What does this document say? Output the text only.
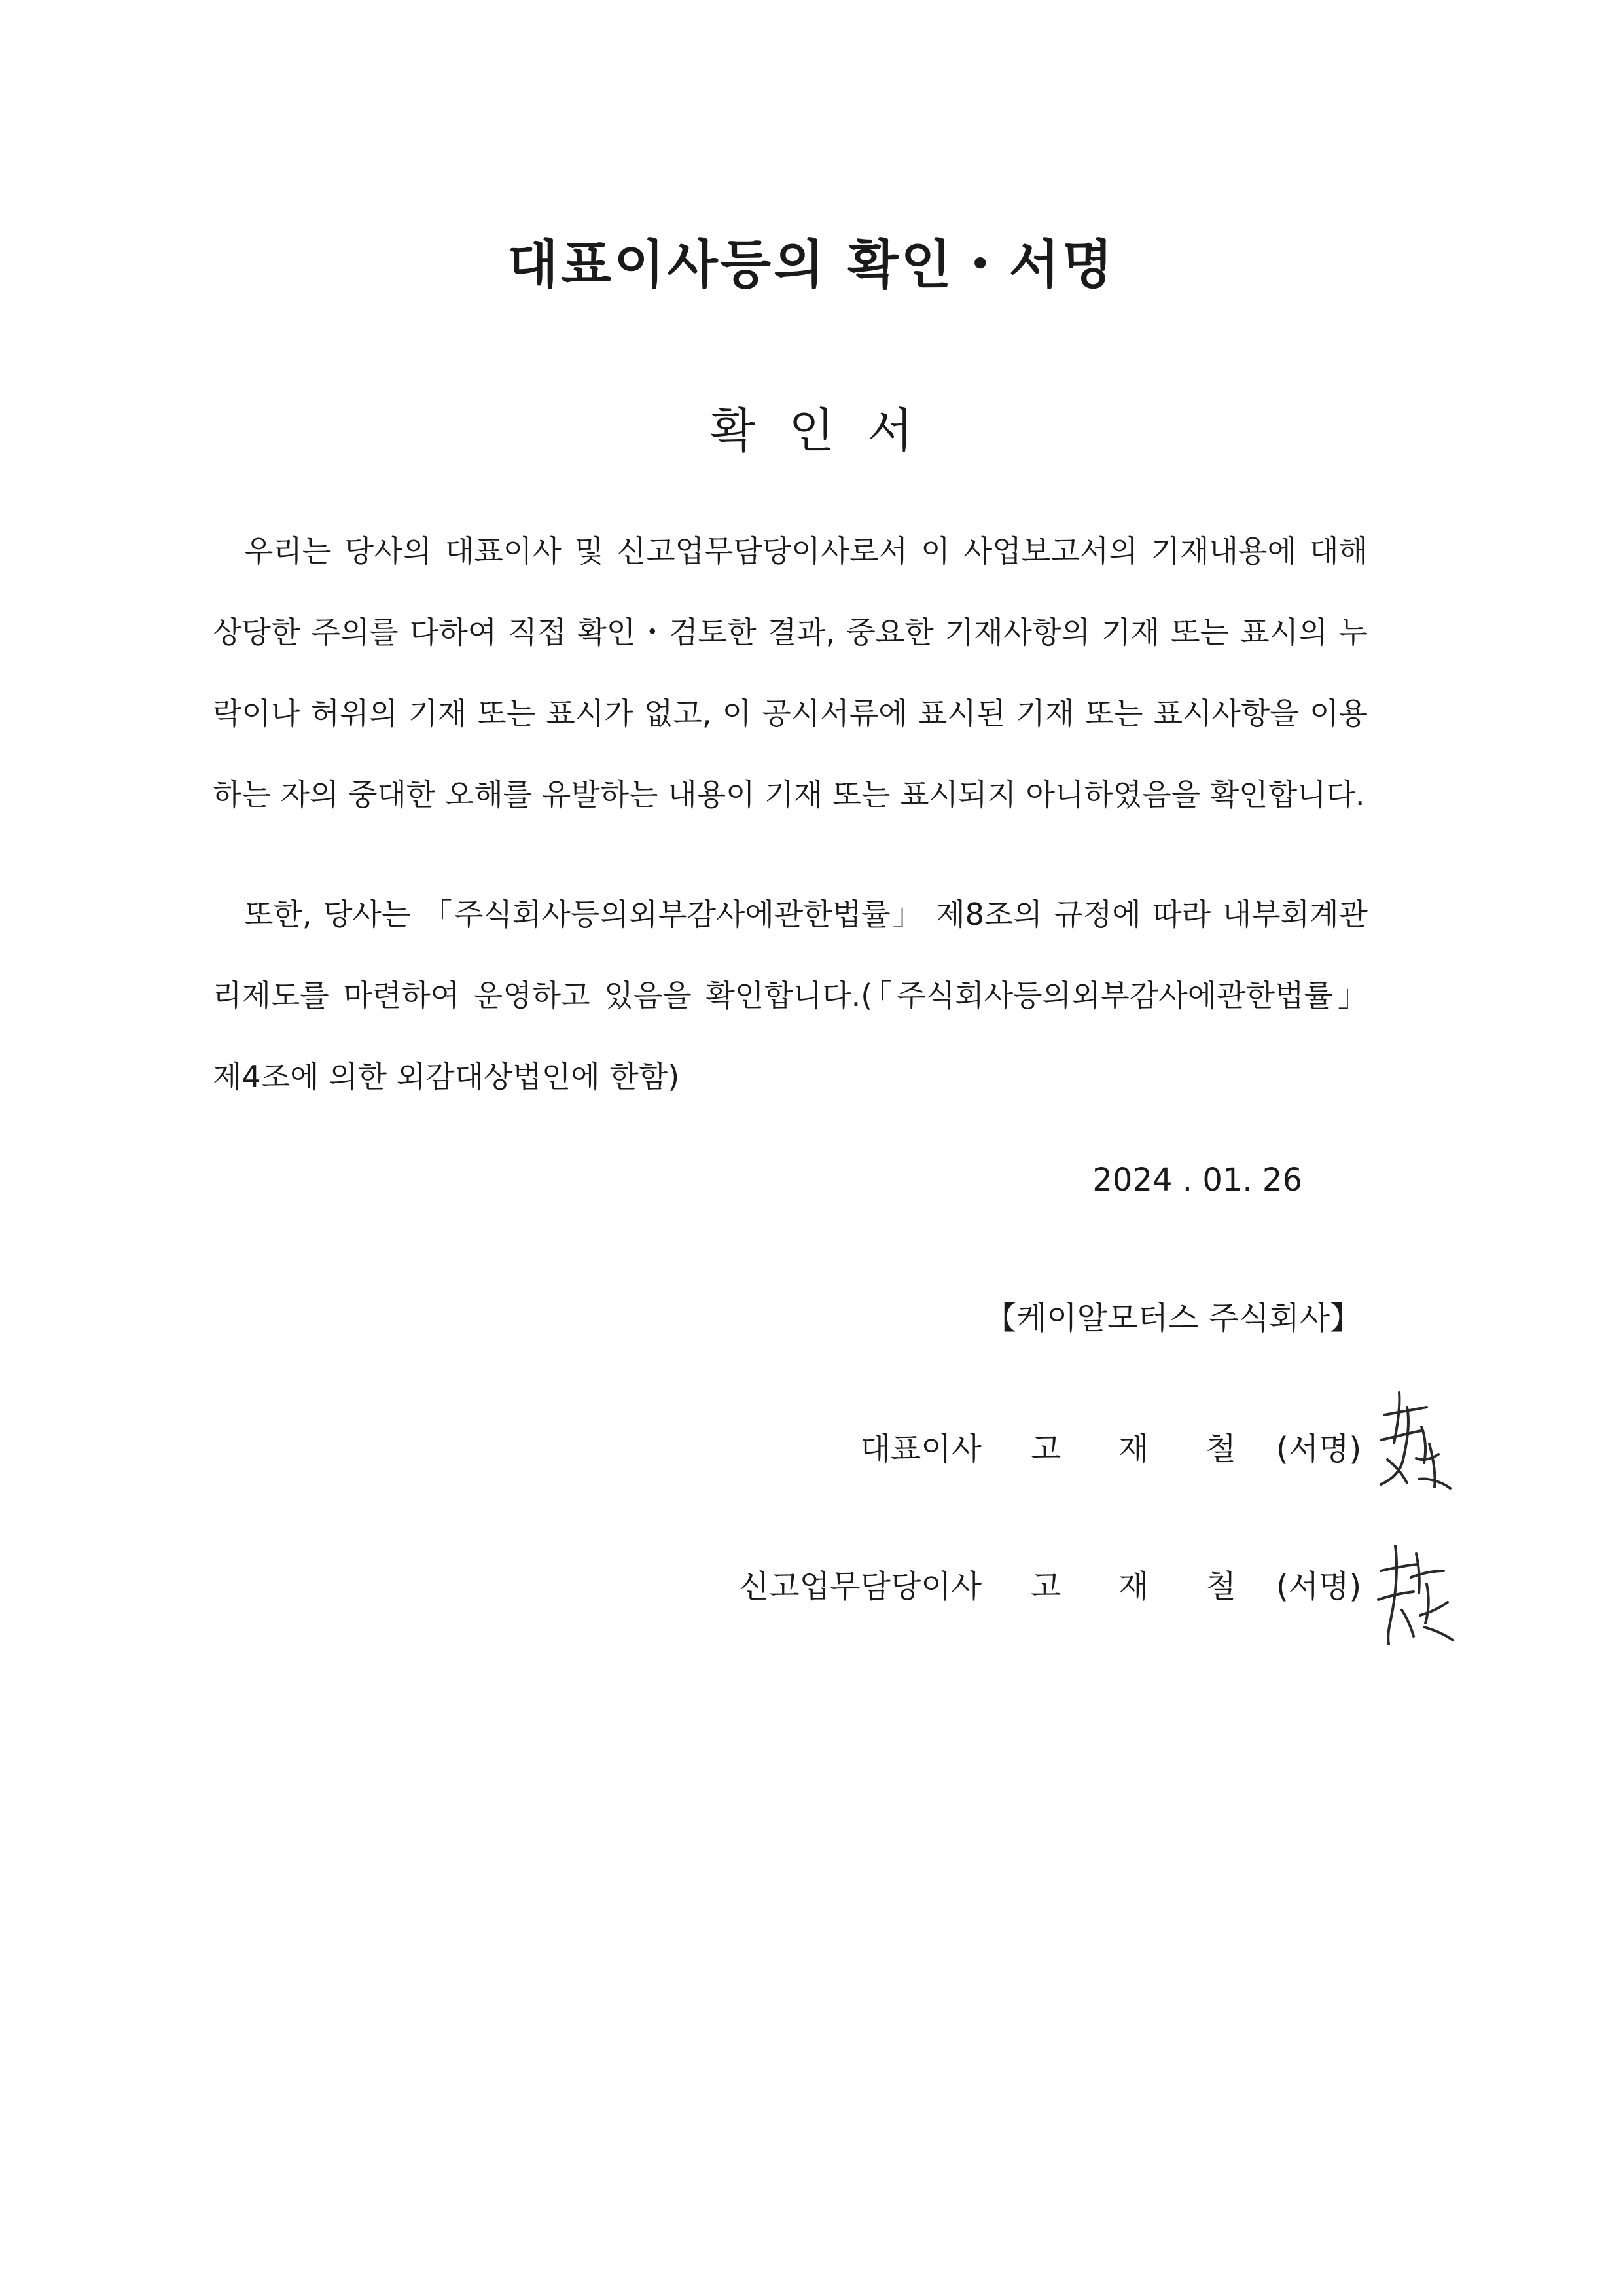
대표이사등의 확인・서명
확 인 서
우리는 당사의 대표이사 및 신고업무담당이사로서 이 사업보고서의 기재내용에 대해 상당한 주의를 다하여 직접 확인・검토한 결과, 중요한 기재사항의 기재 또는 표시의 누락이나 허위의 기재 또는 표시가 없고, 이 공시서류에 표시된 기재 또는 표시사항을 이용하는 자의 중대한 오해를 유발하는 내용이 기재 또는 표시되지 아니하였음을 확인합니다.
또한, 당사는 「주식회사등의외부감사에관한법률」 제8조의 규정에 따라 내부회계관리제도를 마련하여 운영하고 있음을 확인합니다.(「주식회사등의외부감사에관한법률」 제4조에 의한 외감대상법인에 한함)
2024 . 01. 26
【케이알모터스 주식회사】

대표이사

고 재 철

(서명)

신고업무담당이사

고 재 철

(서명)
